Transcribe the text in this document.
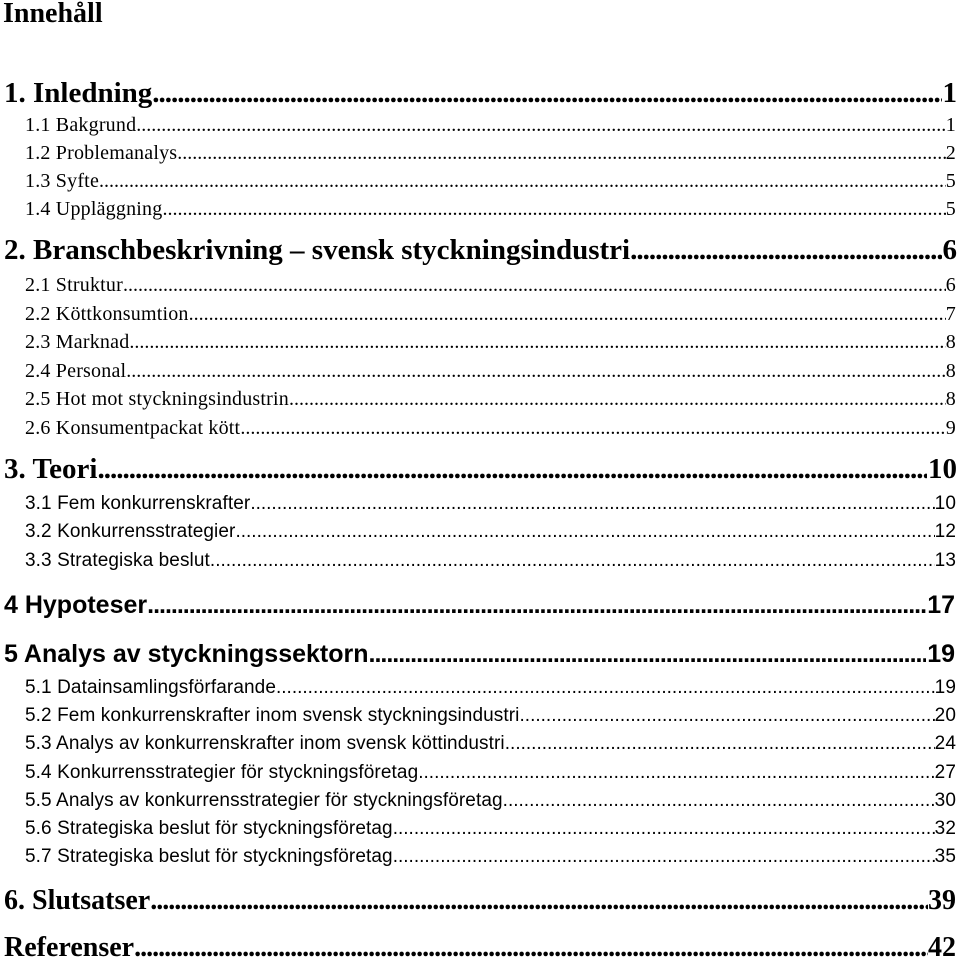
Innehåll
1. Inledning .....	1
1.1 Bakgrund .....	1
1.2 Problemanalys .....	2
1.3 Syfte .....	5
1.4 Uppläggning .....	5
2. Branschbeskrivning – svensk styckningsindustri .....	6
2.1 Struktur .....	6
2.2 Köttkonsumtion .....	7
2.3 Marknad .....	8
2.4 Personal .....	8
2.5 Hot mot styckningsindustrin .....	8
2.6 Konsumentpackat kött .....	9
3. Teori .....	10
3.1 Fem konkurrenskrafter .....	10
3.2 Konkurrensstrategier .....	12
3.3 Strategiska beslut .....	13
4 Hypoteser .....	17
5 Analys av styckningssektorn .....	19
5.1 Datainsamlingsförfarande .....	19
5.2 Fem konkurrenskrafter inom svensk styckningsindustri .....	20
5.3 Analys av konkurrenskrafter inom svensk köttindustri .....	24
5.4 Konkurrensstrategier för styckningsföretag .....	27
5.5 Analys av konkurrensstrategier för styckningsföretag .....	30
5.6 Strategiska beslut för styckningsföretag .....	32
5.7 Strategiska beslut för styckningsföretag .....	35
6. Slutsatser .....	39
Referenser .....	42
